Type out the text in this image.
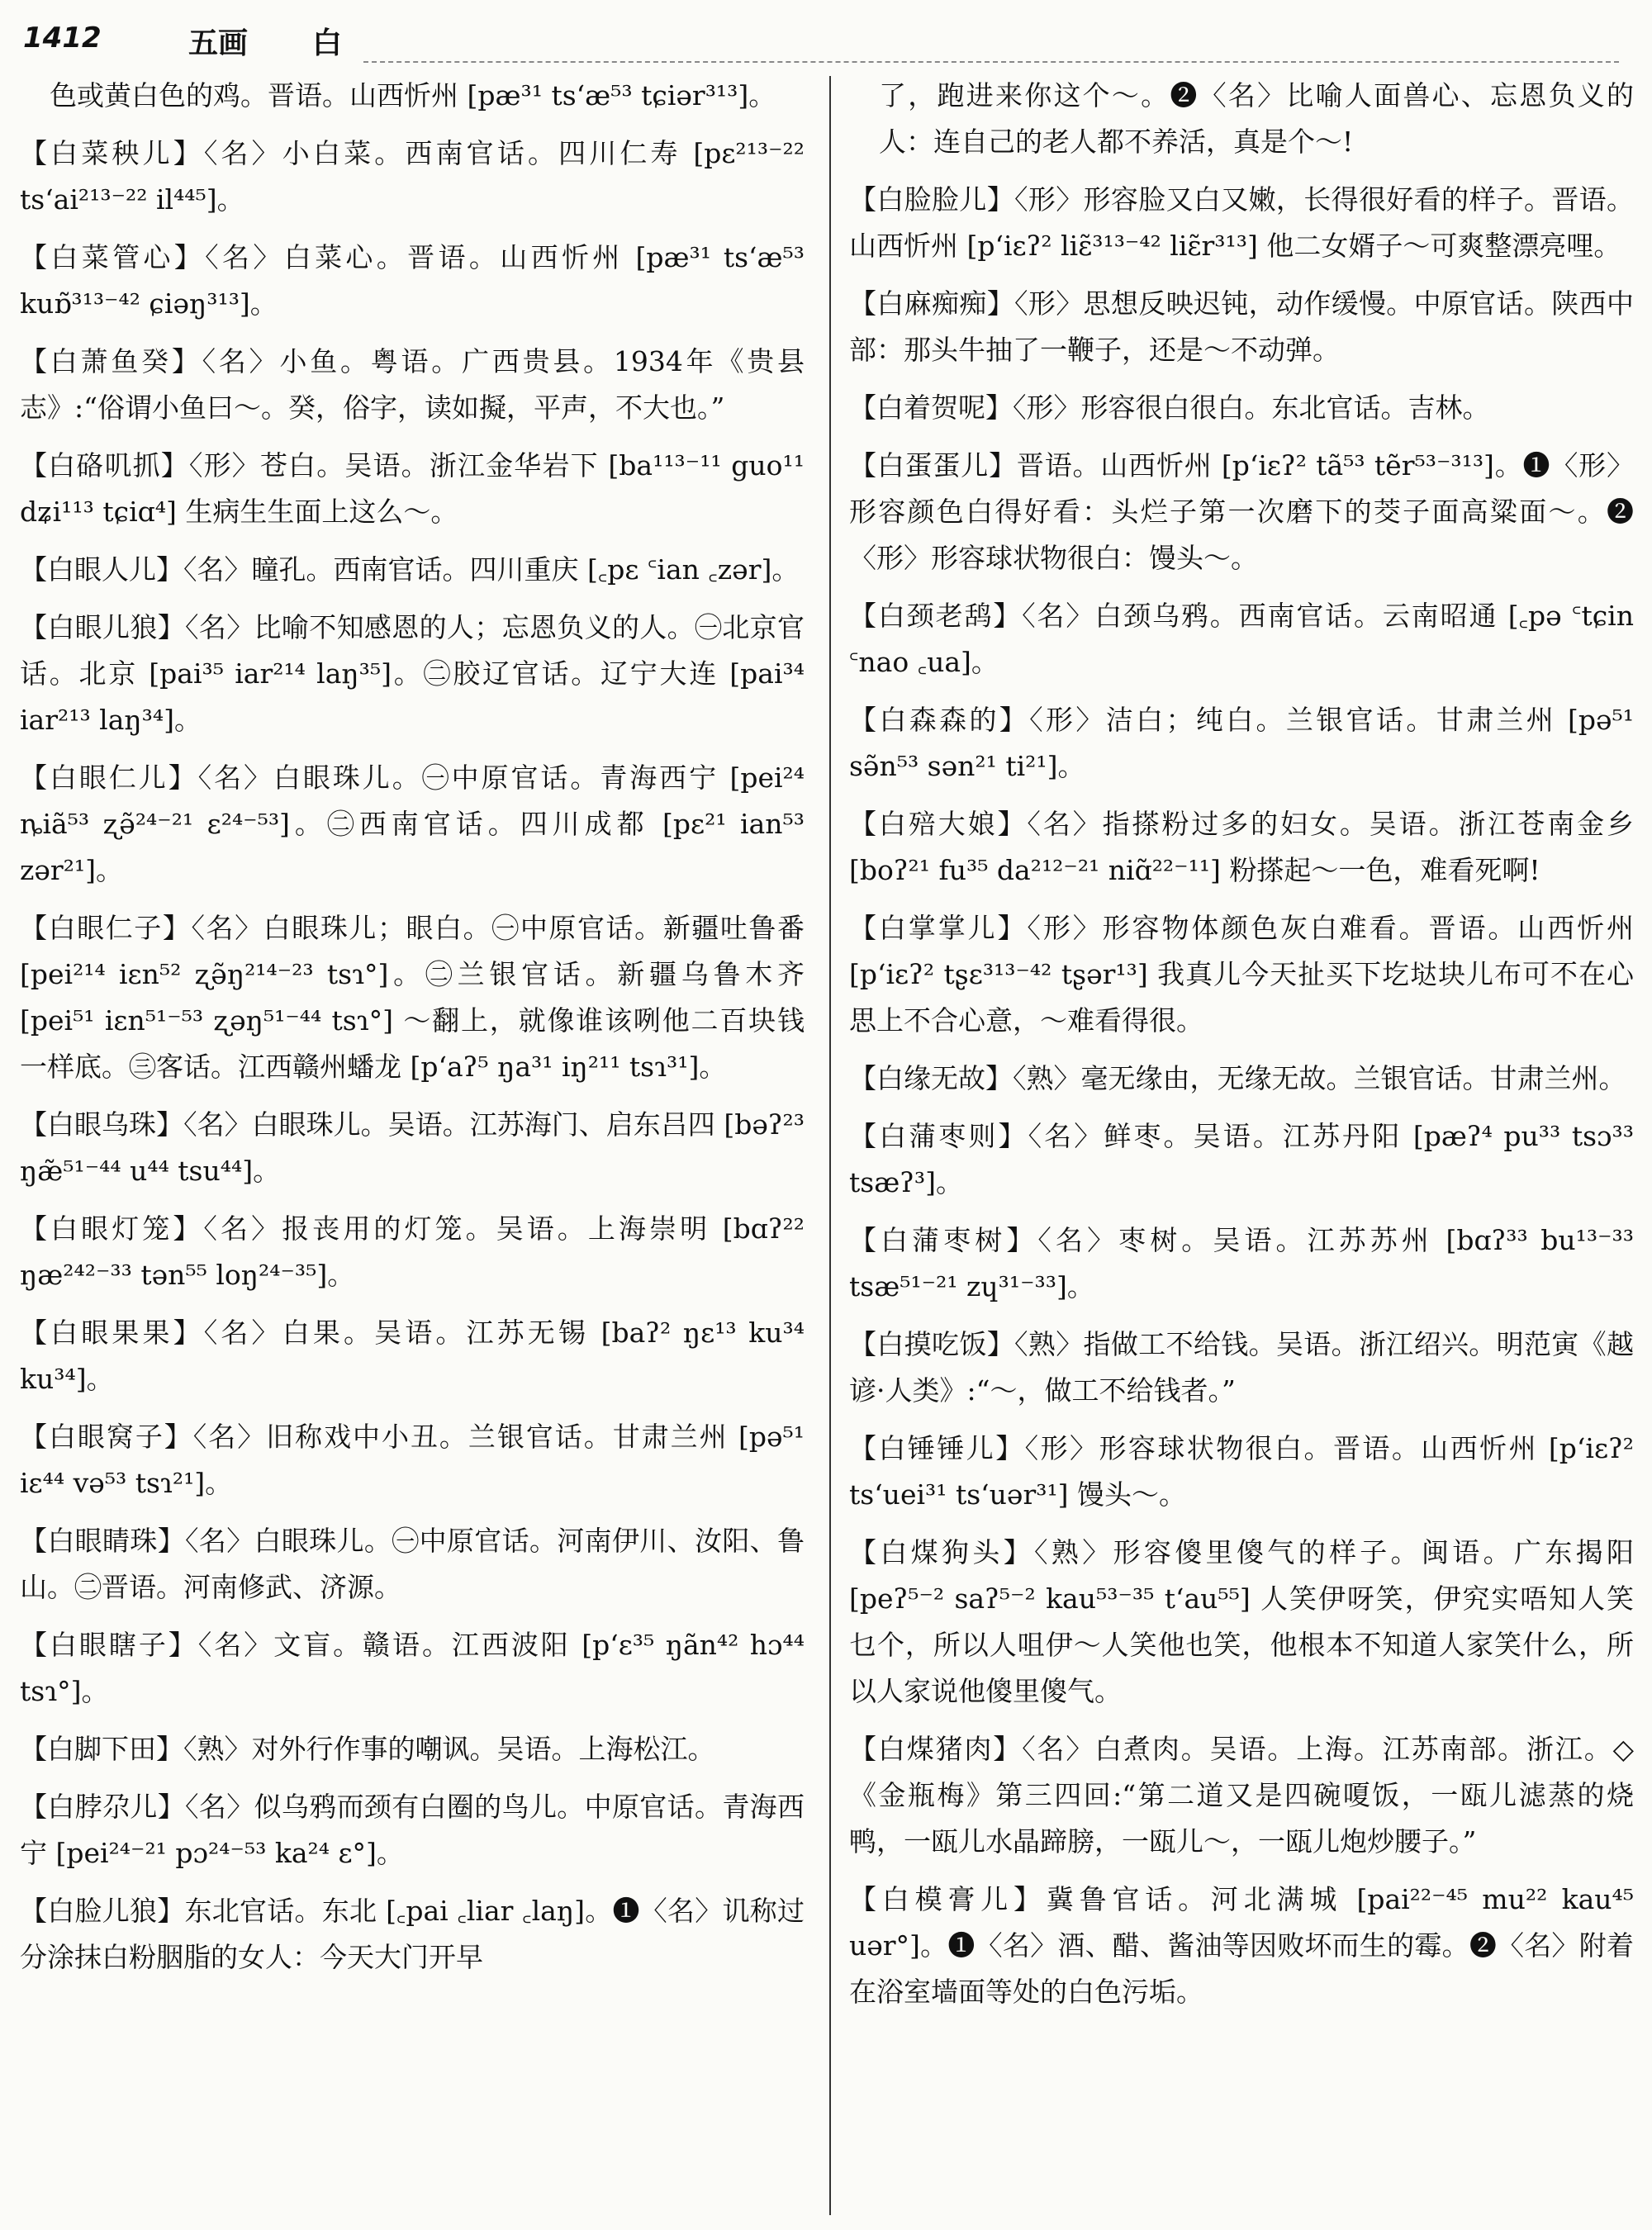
1412	五画 白

色或黄白色的鸡。晋语。山西忻州 [pæ³¹ ts‘æ⁵³ tɕiər³¹³]。

【白菜秧儿】〈名〉小白菜。西南官话。四川仁寿 [pɛ²¹³⁻²² ts‘ai²¹³⁻²² il⁴⁴⁵]。

【白菜管心】〈名〉白菜心。晋语。山西忻州 [pæ³¹ ts‘æ⁵³ kuɒ̃³¹³⁻⁴² ɕiəŋ³¹³]。

【白萧鱼癸】〈名〉小鱼。粤语。广西贵县。1934年《贵县志》:“俗谓小鱼曰～。癸，俗字，读如擬，平声，不大也。”

【白硌叽抓】〈形〉苍白。吴语。浙江金华岩下 [ba¹¹³⁻¹¹ guo¹¹ dʑi¹¹³ tɕiɑ⁴] 生病生生面上这么～。

【白眼人儿】〈名〉瞳孔。西南官话。四川重庆 [꜀pɛ ꜂ian ꜀zər]。

【白眼儿狼】〈名〉比喻不知感恩的人；忘恩负义的人。㊀北京官话。北京 [pai³⁵ iar²¹⁴ laŋ³⁵]。㊁胶辽官话。辽宁大连 [pai³⁴ iar²¹³ laŋ³⁴]。

【白眼仁儿】〈名〉白眼珠儿。㊀中原官话。青海西宁 [pei²⁴ ȵiã⁵³ ʐə̃²⁴⁻²¹ ɛ²⁴⁻⁵³]。㊁西南官话。四川成都 [pɛ²¹ ian⁵³ zər²¹]。

【白眼仁子】〈名〉白眼珠儿；眼白。㊀中原官话。新疆吐鲁番 [pei²¹⁴ iɛn⁵² ʐə̃ŋ²¹⁴⁻²³ tsɿ°]。㊁兰银官话。新疆乌鲁木齐 [pei⁵¹ iɛn⁵¹⁻⁵³ ʐəŋ⁵¹⁻⁴⁴ tsɿ°] ～翻上，就像谁该咧他二百块钱一样底。㊂客话。江西赣州蟠龙 [p‘aʔ⁵ ŋa³¹ iŋ²¹¹ tsɿ³¹]。

【白眼乌珠】〈名〉白眼珠儿。吴语。江苏海门、启东吕四 [bəʔ²³ ŋæ̃⁵¹⁻⁴⁴ u⁴⁴ tsu⁴⁴]。

【白眼灯笼】〈名〉报丧用的灯笼。吴语。上海崇明 [bɑʔ²² ŋæ²⁴²⁻³³ tən⁵⁵ loŋ²⁴⁻³⁵]。

【白眼果果】〈名〉白果。吴语。江苏无锡 [baʔ² ŋɛ¹³ ku³⁴ ku³⁴]。

【白眼窝子】〈名〉旧称戏中小丑。兰银官话。甘肃兰州 [pə⁵¹ iɛ⁴⁴ və⁵³ tsɿ²¹]。

【白眼睛珠】〈名〉白眼珠儿。㊀中原官话。河南伊川、汝阳、鲁山。㊁晋语。河南修武、济源。

【白眼瞎子】〈名〉文盲。赣语。江西波阳 [p‘ɛ³⁵ ŋãn⁴² hɔ⁴⁴ tsɿ°]。

【白脚下田】〈熟〉对外行作事的嘲讽。吴语。上海松江。

【白脖尕儿】〈名〉似乌鸦而颈有白圈的鸟儿。中原官话。青海西宁 [pei²⁴⁻²¹ pɔ²⁴⁻⁵³ ka²⁴ ɛ°]。

【白脸儿狼】东北官话。东北 [꜀pai ꜀liar ꜀laŋ]。❶〈名〉讥称过分涂抹白粉胭脂的女人：今天大门开早

了，跑进来你这个～。❷〈名〉比喻人面兽心、忘恩负义的人：连自己的老人都不养活，真是个～!

【白脸脸儿】〈形〉形容脸又白又嫩，长得很好看的样子。晋语。山西忻州 [p‘iɛʔ² liɛ̃³¹³⁻⁴² liɛ̃r³¹³] 他二女婿子～可爽整漂亮哩。

【白麻痴痴】〈形〉思想反映迟钝，动作缓慢。中原官话。陕西中部：那头牛抽了一鞭子，还是～不动弹。

【白着贺呢】〈形〉形容很白很白。东北官话。吉林。

【白蛋蛋儿】晋语。山西忻州 [p‘iɛʔ² tã⁵³ tẽr⁵³⁻³¹³]。❶〈形〉形容颜色白得好看：头烂子第一次磨下的茭子面高粱面～。❷〈形〉形容球状物很白：馒头～。

【白颈老鸹】〈名〉白颈乌鸦。西南官话。云南昭通 [꜀pə ꜂tɕin ꜂nao ꜀ua]。

【白森森的】〈形〉洁白；纯白。兰银官话。甘肃兰州 [pə⁵¹ sə̃n⁵³ sən²¹ ti²¹]。

【白殕大娘】〈名〉指搽粉过多的妇女。吴语。浙江苍南金乡 [boʔ²¹ fu³⁵ da²¹²⁻²¹ niɑ̃²²⁻¹¹] 粉搽起～一色，难看死啊!

【白掌掌儿】〈形〉形容物体颜色灰白难看。晋语。山西忻州 [p‘iɛʔ² tʂɛ³¹³⁻⁴² tʂər¹³] 我真儿今天扯买下圪垯块儿布可不在心思上不合心意，～难看得很。

【白缘无故】〈熟〉毫无缘由，无缘无故。兰银官话。甘肃兰州。

【白蒲枣则】〈名〉鲜枣。吴语。江苏丹阳 [pæʔ⁴ pu³³ tsɔ³³ tsæʔ³]。

【白蒲枣树】〈名〉枣树。吴语。江苏苏州 [bɑʔ³³ bu¹³⁻³³ tsæ⁵¹⁻²¹ zɥ³¹⁻³³]。

【白摸吃饭】〈熟〉指做工不给钱。吴语。浙江绍兴。明范寅《越谚·人类》:“～，做工不给钱者。”

【白锤锤儿】〈形〉形容球状物很白。晋语。山西忻州 [p‘iɛʔ² ts‘uei³¹ ts‘uər³¹] 馒头～。

【白煤狗头】〈熟〉形容傻里傻气的样子。闽语。广东揭阳 [peʔ⁵⁻² saʔ⁵⁻² kau⁵³⁻³⁵ t‘au⁵⁵] 人笑伊呀笑，伊究实唔知人笑乜个，所以人咀伊～人笑他也笑，他根本不知道人家笑什么，所以人家说他傻里傻气。

【白煤猪肉】〈名〉白煮肉。吴语。上海。江苏南部。浙江。◇《金瓶梅》第三四回:“第二道又是四碗嗄饭，一瓯儿滤蒸的烧鸭，一瓯儿水晶蹄膀，一瓯儿～，一瓯儿炮炒腰子。”

【白模膏儿】冀鲁官话。河北满城 [pai²²⁻⁴⁵ mu²² kau⁴⁵ uər°]。❶〈名〉酒、醋、酱油等因败坏而生的霉。❷〈名〉附着在浴室墙面等处的白色污垢。
